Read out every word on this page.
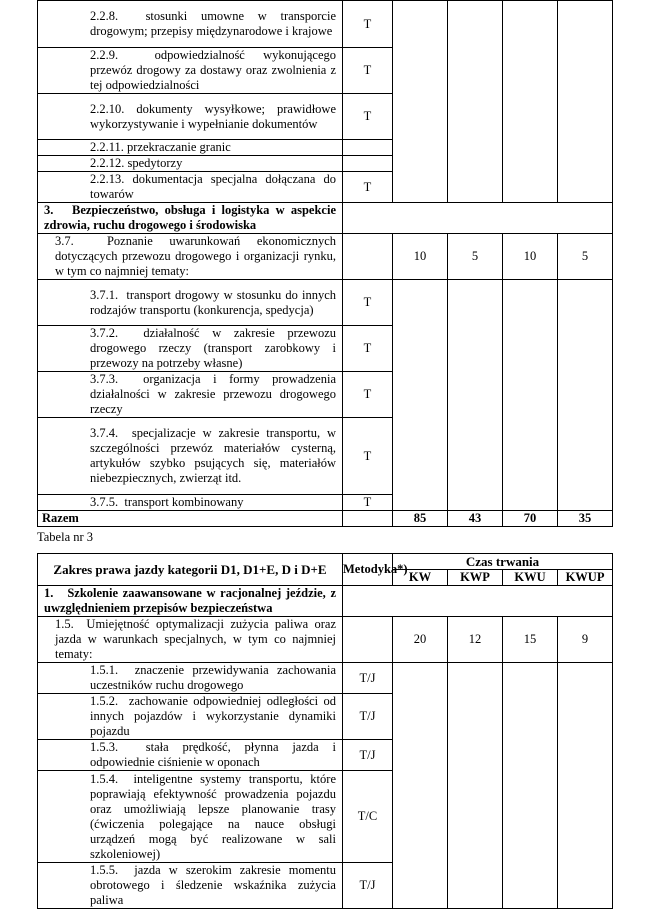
2.2.8.  stosunki umowne w transporcie drogowym; przepisy międzynarodowe i krajowe	T				
2.2.9.  odpowiedzialność wykonującego przewóz drogowy za dostawy oraz zwolnienia z tej odpowiedzialności	T				
2.2.10. dokumenty wysyłkowe; prawidłowe wykorzystywanie i wypełnianie dokumentów	T				
2.2.11. przekraczanie granic					
2.2.12. spedytorzy					
2.2.13. dokumentacja specjalna dołączana do towarów	T				
3.   Bezpieczeństwo, obsługa i logistyka w aspekcie zdrowia, ruchu drogowego i środowiska					
3.7.  Poznanie uwarunkowań ekonomicznych dotyczących przewozu drogowego i organizacji rynku, w tym co najmniej tematy:		10	5	10	5
3.7.1.  transport drogowy w stosunku do innych rodzajów transportu (konkurencja, spedycja)	T				
3.7.2.  działalność w zakresie przewozu drogowego rzeczy (transport zarobkowy i przewozy na potrzeby własne)	T				
3.7.3.  organizacja i formy prowadzenia działalności w zakresie przewozu drogowego rzeczy	T				
3.7.4.  specjalizacje w zakresie transportu, w szczególności przewóz materiałów cysterną, artykułów szybko psujących się, materiałów niebezpiecznych, zwierząt itd.	T				
3.7.5.  transport kombinowany	T				
Razem		85	43	70	35
Tabela nr 3
Zakres prawa jazdy kategorii D1, D1+E, D i D+E	Metodyka*)	Czas trwania			
		KW	KWP	KWU	KWUP
1.   Szkolenie zaawansowane w racjonalnej jeździe, z uwzględnieniem przepisów bezpieczeństwa					
1.5.  Umiejętność optymalizacji zużycia paliwa oraz jazda w warunkach specjalnych, w tym co najmniej tematy:		20	12	15	9
1.5.1.  znaczenie przewidywania zachowania uczestników ruchu drogowego	T/J				
1.5.2.  zachowanie odpowiedniej odległości od innych pojazdów i wykorzystanie dynamiki pojazdu	T/J				
1.5.3.  stała prędkość, płynna jazda i odpowiednie ciśnienie w oponach	T/J				
1.5.4.  inteligentne systemy transportu, które poprawiają efektywność prowadzenia pojazdu oraz umożliwiają lepsze planowanie trasy (ćwiczenia polegające na nauce obsługi urządzeń mogą być realizowane w sali szkoleniowej)	T/C				
1.5.5.  jazda w szerokim zakresie momentu obrotowego i śledzenie wskaźnika zużycia paliwa	T/J				
